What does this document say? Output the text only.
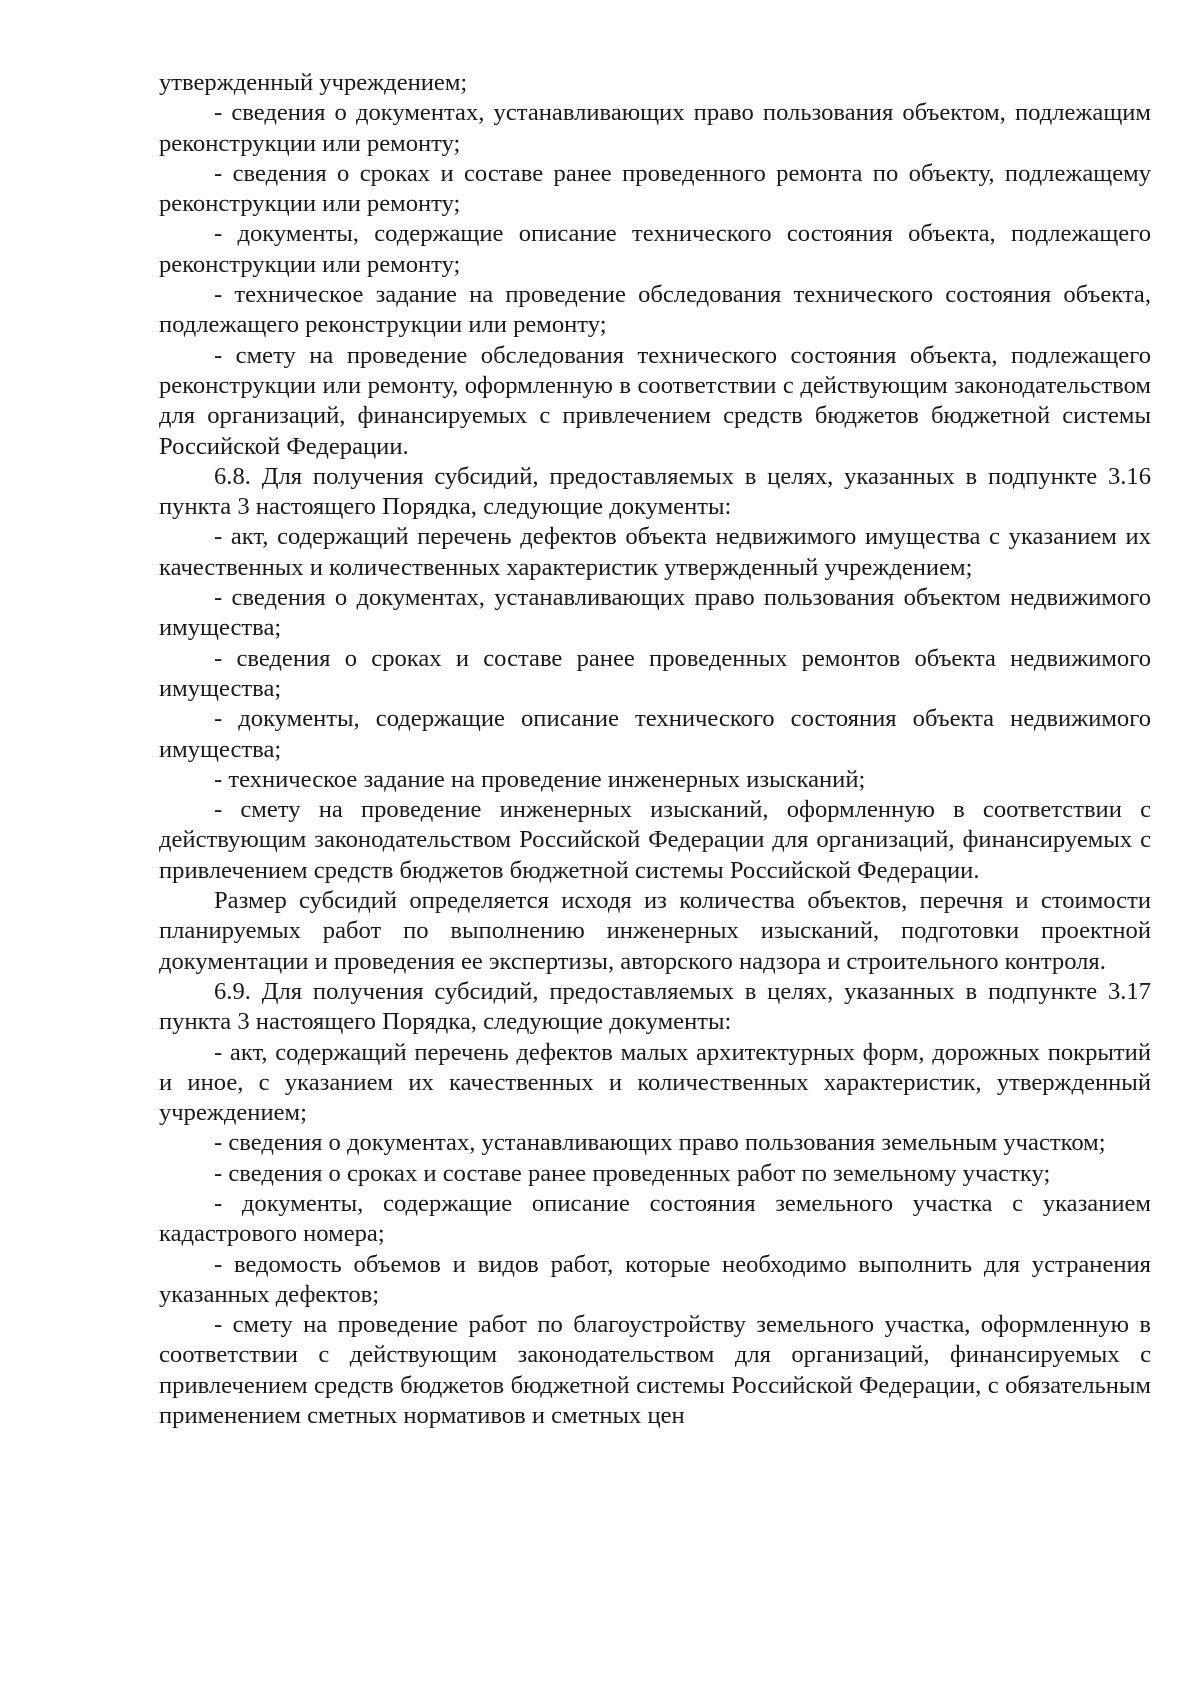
утвержденный учреждением;

- сведения о документах, устанавливающих право пользования объектом, подлежащим реконструкции или ремонту;

- сведения о сроках и составе ранее проведенного ремонта по объекту, подлежащему реконструкции или ремонту;

- документы, содержащие описание технического состояния объекта, подлежащего реконструкции или ремонту;

- техническое задание на проведение обследования технического состояния объекта, подлежащего реконструкции или ремонту;

- смету на проведение обследования технического состояния объекта, подлежащего реконструкции или ремонту, оформленную в соответствии с действующим законодательством для организаций, финансируемых с привлечением средств бюджетов бюджетной системы Российской Федерации.

6.8. Для получения субсидий, предоставляемых в целях, указанных в подпункте 3.16 пункта 3 настоящего Порядка, следующие документы:

- акт, содержащий перечень дефектов объекта недвижимого имущества с указанием их качественных и количественных характеристик утвержденный учреждением;

- сведения о документах, устанавливающих право пользования объектом недвижимого имущества;

- сведения о сроках и составе ранее проведенных ремонтов объекта недвижимого имущества;

- документы, содержащие описание технического состояния объекта недвижимого имущества;

- техническое задание на проведение инженерных изысканий;

- смету на проведение инженерных изысканий, оформленную в соответствии с действующим законодательством Российской Федерации для организаций, финансируемых с привлечением средств бюджетов бюджетной системы Российской Федерации.

Размер субсидий определяется исходя из количества объектов, перечня и стоимости планируемых работ по выполнению инженерных изысканий, подготовки проектной документации и проведения ее экспертизы, авторского надзора и строительного контроля.

6.9. Для получения субсидий, предоставляемых в целях, указанных в подпункте 3.17 пункта 3 настоящего Порядка, следующие документы:

- акт, содержащий перечень дефектов малых архитектурных форм, дорожных покрытий и иное, с указанием их качественных и количественных характеристик, утвержденный учреждением;

- сведения о документах, устанавливающих право пользования земельным участком;

- сведения о сроках и составе ранее проведенных работ по земельному участку;

- документы, содержащие описание состояния земельного участка с указанием кадастрового номера;

- ведомость объемов и видов работ, которые необходимо выполнить для устранения указанных дефектов;

- смету на проведение работ по благоустройству земельного участка, оформленную в соответствии с действующим законодательством для организаций, финансируемых с привлечением средств бюджетов бюджетной системы Российской Федерации, с обязательным применением сметных нормативов и сметных цен
